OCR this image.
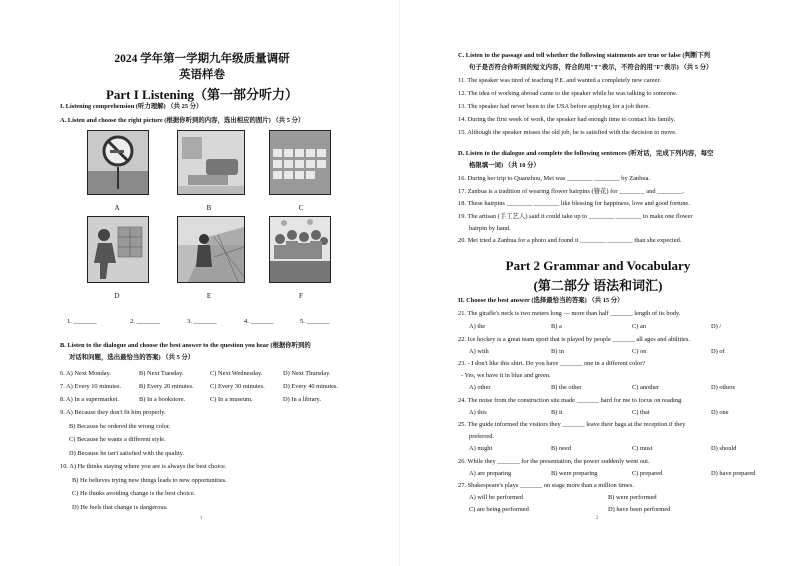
2024 学年第一学期九年级质量调研
英语样卷
Part I Listening（第一部分听力）
I. Listening comprehension (听力理解) （共 25 分）
A. Listen and choose the right picture (根据你听到的内容，选出相应的图片) （共 5 分）
A	B	C
D	E	F
1. _______	2. _______	3. _______	4. _______	5. _______
B. Listen to the dialogue and choose the best answer to the question you hear (根据你听到的
对话和问题，选出最恰当的答案) （共 5 分）
6. A) Next Monday.	B) Next Tuesday.	C) Next Wednesday.	D) Next Thursday.
7. A) Every 10 minutes.	B) Every 20 minutes.	C) Every 30 minutes.	D) Every 40 minutes.
8. A) In a supermarket.	B) In a bookstore.	C) In a museum.	D) In a library.
9. A) Because they don't fit him properly.
B) Because he ordered the wrong color.
C) Because he wants a different style.
D) Because he isn't satisfied with the quality.
10. A) He thinks staying where you are is always the best choice.
B) He believes trying new things leads to new opportunities.
C) He thinks avoiding change is the best choice.
D) He feels that change is dangerous.
1
C. Listen to the passage and tell whether the following statements are true or false (判断下列
句子是否符合你听到的短文内容，符合的用"T"表示，不符合的用"F"表示) （共 5 分）
11. The speaker was tired of teaching P.E. and wanted a completely new career.
12. The idea of working abroad came to the speaker while he was talking to someone.
13. The speaker had never been to the USA before applying for a job there.
14. During the first week of work, the speaker had enough time to contact his family.
15. Although the speaker misses the old job, he is satisfied with the decision to move.
D. Listen to the dialogue and complete the following sentences (听对话，完成下列内容，每空
格限填一词) （共 10 分）
16. During her trip to Quanzhou, Mei was ________ ________ by Zanbua.
17. Zanbua is a tradition of wearing flower hairpins (簪花) for ________ and ________.
18. These hairpins ________ ________ like blessing for happiness, love and good fortune.
19. The artisan (手工艺人) said it could take up to ________ ________ to make one flower
hairpin by hand.
20. Mei tried a Zanbua for a photo and found it ________ ________ than she expected.
Part 2 Grammar and Vocabulary
(第二部分 语法和词汇)
II. Choose the best answer (选择最恰当的答案) （共 15 分）
21. The giraffe's neck is two meters long — more than half _______ length of its body.
A) the	B) a	C) an	D) /
22. Ice hockey is a great team sport that is played by people _______ all ages and abilities.
A) with	B) in	C) on	D) of
23. - I don't like this shirt. Do you have _______ one in a different color?
- Yes, we have it in blue and green.
A) other	B) the other	C) another	D) others
24. The noise from the construction site made _______ hard for me to focus on reading.
A) this	B) it	C) that	D) one
25. The guide informed the visitors they _______ leave their bags at the reception if they
preferred.
A) might	B) need	C) must	D) should
26. While they _______ for the presentation, the power suddenly went out.
A) are preparing	B) were preparing	C) prepared	D) have prepared
27. Shakespeare's plays _______ on stage more than a million times.
A) will be performed	B) were performed
C) are being performed	D) have been performed
2
